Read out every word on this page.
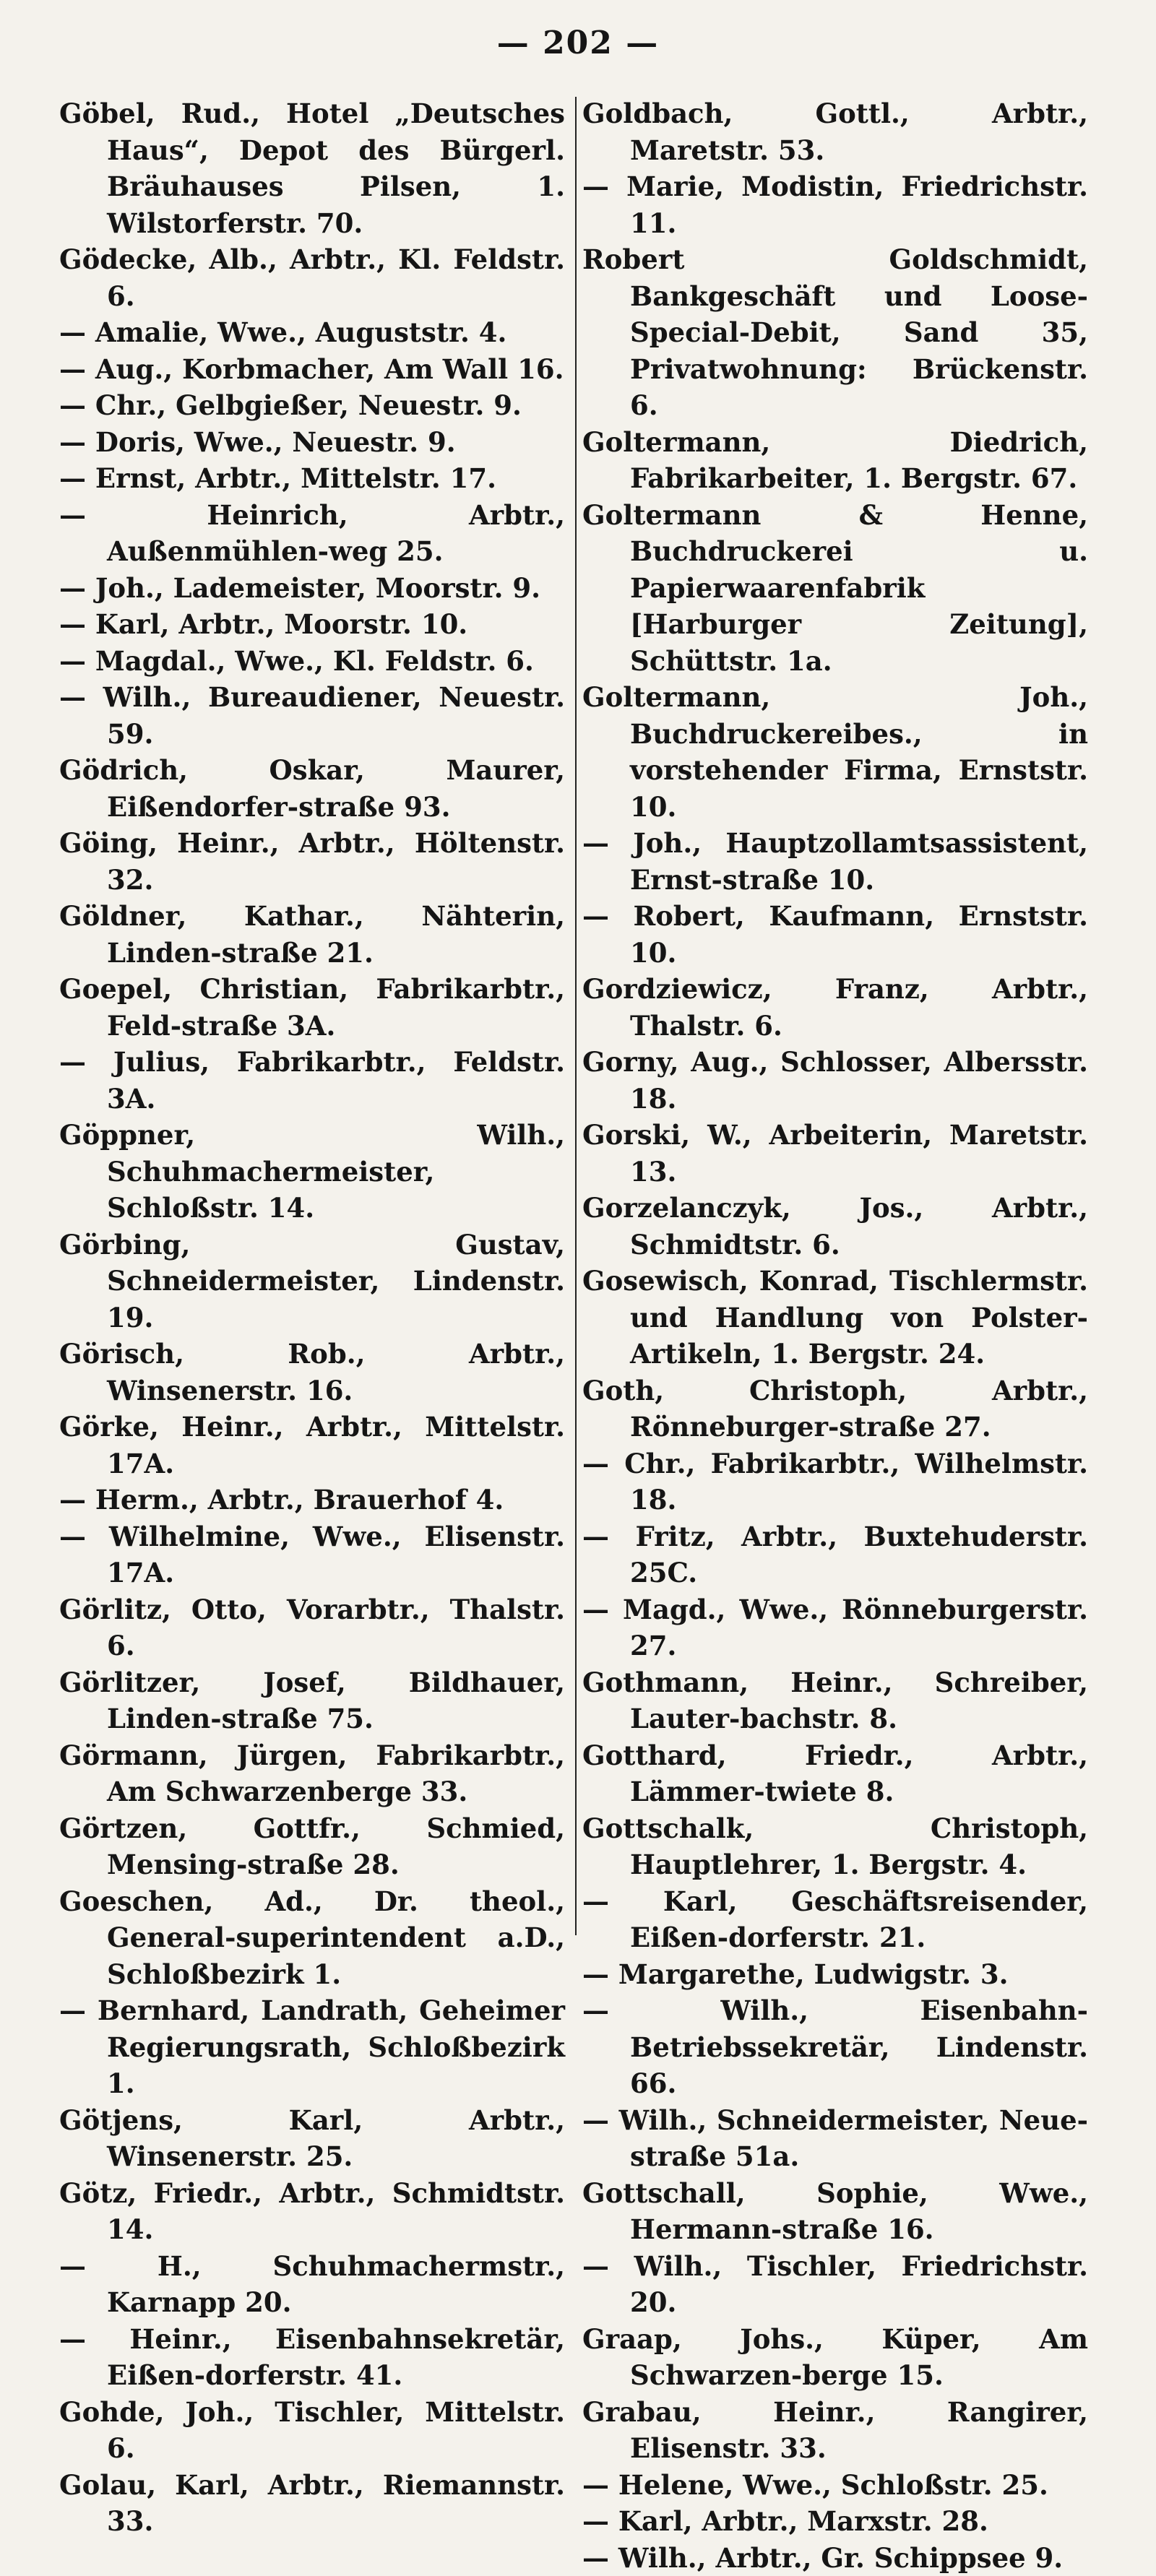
— 202 —
Göbel, Rud., Hotel „Deutsches Haus“, Depot des Bürgerl. Bräuhauses Pilsen, 1. Wilstorferstr. 70.
Gödecke, Alb., Arbtr., Kl. Feldstr. 6.
— Amalie, Wwe., Auguststr. 4.
— Aug., Korbmacher, Am Wall 16.
— Chr., Gelbgießer, Neuestr. 9.
— Doris, Wwe., Neuestr. 9.
— Ernst, Arbtr., Mittelstr. 17.
— Heinrich, Arbtr., Außenmühlen-weg 25.
— Joh., Lademeister, Moorstr. 9.
— Karl, Arbtr., Moorstr. 10.
— Magdal., Wwe., Kl. Feldstr. 6.
— Wilh., Bureaudiener, Neuestr. 59.
Gödrich, Oskar, Maurer, Eißendorfer-straße 93.
Göing, Heinr., Arbtr., Höltenstr. 32.
Göldner, Kathar., Nähterin, Linden-straße 21.
Goepel, Christian, Fabrikarbtr., Feld-straße 3A.
— Julius, Fabrikarbtr., Feldstr. 3A.
Göppner, Wilh., Schuhmachermeister, Schloßstr. 14.
Görbing, Gustav, Schneidermeister, Lindenstr. 19.
Görisch, Rob., Arbtr., Winsenerstr. 16.
Görke, Heinr., Arbtr., Mittelstr. 17A.
— Herm., Arbtr., Brauerhof 4.
— Wilhelmine, Wwe., Elisenstr. 17A.
Görlitz, Otto, Vorarbtr., Thalstr. 6.
Görlitzer, Josef, Bildhauer, Linden-straße 75.
Görmann, Jürgen, Fabrikarbtr., Am Schwarzenberge 33.
Görtzen, Gottfr., Schmied, Mensing-straße 28.
Goeschen, Ad., Dr. theol., General-superintendent a.D., Schloßbezirk 1.
— Bernhard, Landrath, Geheimer Regierungsrath, Schloßbezirk 1.
Götjens, Karl, Arbtr., Winsenerstr. 25.
Götz, Friedr., Arbtr., Schmidtstr. 14.
— H., Schuhmachermstr., Karnapp 20.
— Heinr., Eisenbahnsekretär, Eißen-dorferstr. 41.
Gohde, Joh., Tischler, Mittelstr. 6.
Golau, Karl, Arbtr., Riemannstr. 33.
Goldbach, Gottl., Arbtr., Maretstr. 53.
— Marie, Modistin, Friedrichstr. 11.
Robert Goldschmidt, Bankgeschäft und Loose-Special-Debit, Sand 35, Privatwohnung: Brückenstr. 6.
Goltermann, Diedrich, Fabrikarbeiter, 1. Bergstr. 67.
Goltermann & Henne, Buchdruckerei u. Papierwaarenfabrik [Harburger Zeitung], Schüttstr. 1a.
Goltermann, Joh., Buchdruckereibes., in vorstehender Firma, Ernststr. 10.
— Joh., Hauptzollamtsassistent, Ernst-straße 10.
— Robert, Kaufmann, Ernststr. 10.
Gordziewicz, Franz, Arbtr., Thalstr. 6.
Gorny, Aug., Schlosser, Albersstr. 18.
Gorski, W., Arbeiterin, Maretstr. 13.
Gorzelanczyk, Jos., Arbtr., Schmidtstr. 6.
Gosewisch, Konrad, Tischlermstr. und Handlung von Polster-Artikeln, 1. Bergstr. 24.
Goth, Christoph, Arbtr., Rönneburger-straße 27.
— Chr., Fabrikarbtr., Wilhelmstr. 18.
— Fritz, Arbtr., Buxtehuderstr. 25C.
— Magd., Wwe., Rönneburgerstr. 27.
Gothmann, Heinr., Schreiber, Lauter-bachstr. 8.
Gotthard, Friedr., Arbtr., Lämmer-twiete 8.
Gottschalk, Christoph, Hauptlehrer, 1. Bergstr. 4.
— Karl, Geschäftsreisender, Eißen-dorferstr. 21.
— Margarethe, Ludwigstr. 3.
— Wilh., Eisenbahn-Betriebssekretär, Lindenstr. 66.
— Wilh., Schneidermeister, Neue-straße 51a.
Gottschall, Sophie, Wwe., Hermann-straße 16.
— Wilh., Tischler, Friedrichstr. 20.
Graap, Johs., Küper, Am Schwarzen-berge 15.
Grabau, Heinr., Rangirer, Elisenstr. 33.
— Helene, Wwe., Schloßstr. 25.
— Karl, Arbtr., Marxstr. 28.
— Wilh., Arbtr., Gr. Schippsee 9.
